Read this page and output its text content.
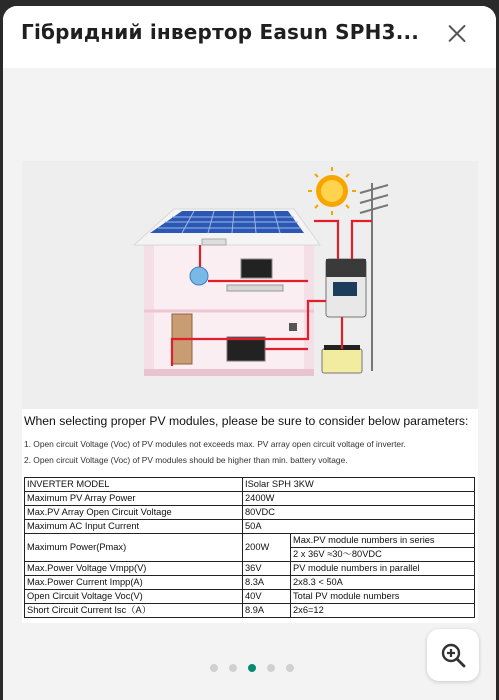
Гібридний інвертор Easun SPH3...
When selecting proper PV modules, please be sure to consider below parameters:
1. Open circuit Voltage (Voc) of PV modules not exceeds max. PV array open circuit voltage of inverter.
2. Open circuit Voltage (Voc) of PV modules should be higher than min. battery voltage.
INVERTER MODEL	ISolar SPH 3KW	
Maximum PV Array Power	2400W	
Max.PV Array Open Circuit Voltage	80VDC	
Maximum AC Input Current	50A	
Maximum Power(Pmax)	200W	Max.PV module numbers in series
		2 x 36V ≈30〜80VDC
Max.Power Voltage Vmpp(V)	36V	PV module numbers in parallel
Max.Power Current Impp(A)	8.3A	2x8.3 < 50A
Open Circuit Voltage Voc(V)	40V	Total PV module numbers
Short Circuit Current Isc（A）	8.9A	2x6=12
